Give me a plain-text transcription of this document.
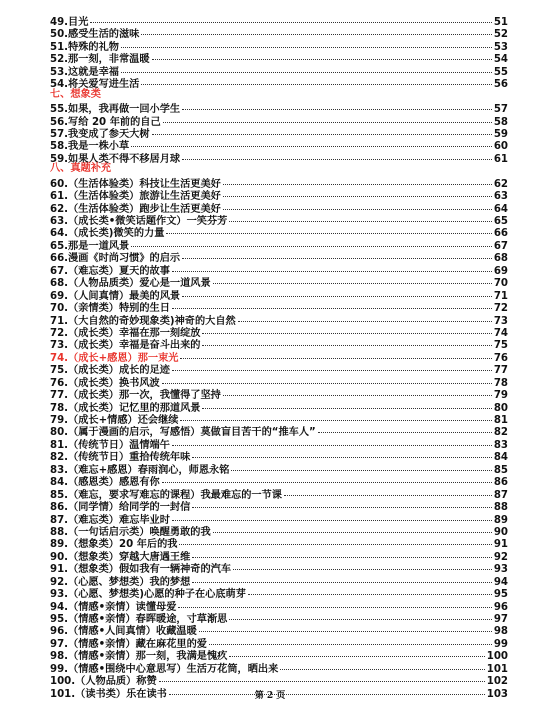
49.目光	51
50.感受生活的滋味	52
51.特殊的礼物	53
52.那一刻，非常温暖	54
53.这就是幸福	55
54.将关爱写进生活	56
七、想象类
55.如果，我再做一回小学生	57
56.写给 20 年前的自己	58
57.我变成了参天大树	59
58.我是一株小草	60
59.如果人类不得不移居月球	61
八、真题补充
60.（生活体验类）科技让生活更美好	62
61.（生活体验类）旅游让生活更美好	63
62.（生活体验类）跑步让生活更美好	64
63.（成长类•微笑话题作文）一笑芬芳	65
64.（成长类)微笑的力量	66
65.那是一道风景	67
66.漫画《时尚习惯》的启示	68
67.（难忘类）夏天的故事	69
68.（人物品质类）爱心是一道风景	70
69.（人间真情）最美的风景	71
70.（亲情类）特别的生日	72
71.（大自然的奇妙现象类)神奇的大自然	73
72.（成长类）幸福在那一刻绽放	74
73.（成长类）幸福是奋斗出来的	75
74.（成长+感恩）那一束光	76
75.（成长类）成长的足迹	77
76.（成长类）换书风波	78
77.（成长类）那一次，我懂得了坚持	79
78.（成长类）记忆里的那道风景	80
79.（成长+情感）还会继续	81
80.（属于漫画的启示，写感悟）莫做盲目苦干的“推车人”	82
81.（传统节日）温情端午	83
82.（传统节日）重拾传统年味	84
83.（难忘+感恩）春雨润心，师恩永铭	85
84.（感恩类）感恩有你	86
85.（难忘，要求写难忘的课程）我最难忘的一节课	87
86.（同学情）给同学的一封信	88
87.（难忘类）难忘毕业时	89
88.（一句话启示类）唤醒勇敢的我	90
89.（想象类）20 年后的我	91
90.（想象类）穿越大唐遇王维	92
91.（想象类）假如我有一辆神奇的汽车	93
92.（心愿、梦想类）我的梦想	94
93.（心愿、梦想类)心愿的种子在心底萌芽	95
94.（情感•亲情）读懂母爱	96
95.（情感•亲情）春晖暖途，寸草渐思	97
96.（情感•人间真情）收藏温暖	98
97.（情感•亲情）藏在麻花里的爱	99
98.（情感•亲情）那一刻，我满是愧疚	100
99.（情感•围绕中心意思写）生活万花筒，晒出来	101
100.（人物品质）称赞	102
101.（读书类）乐在读书	103
第 2 页
